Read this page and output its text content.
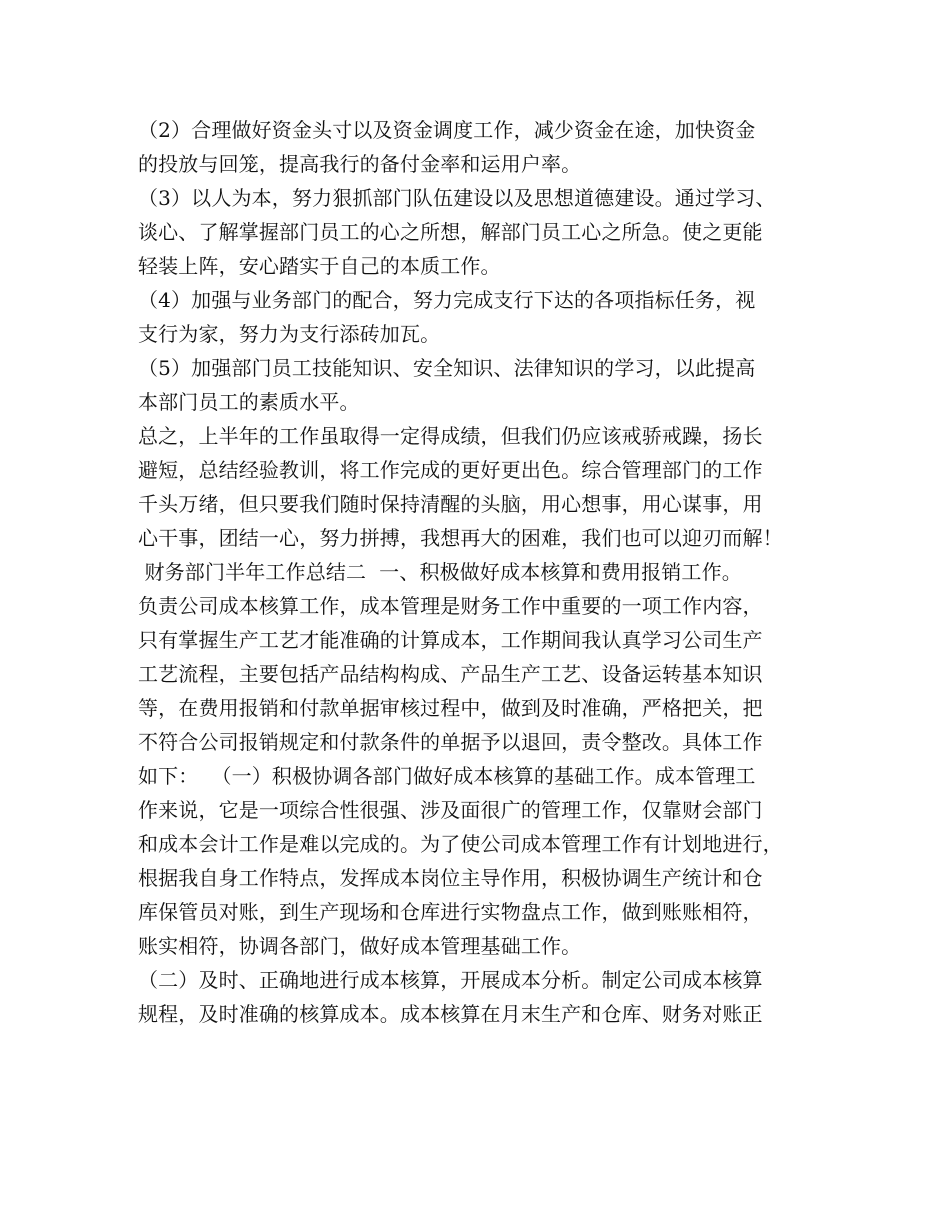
（2）合理做好资金头寸以及资金调度工作，减少资金在途，加快资金
的投放与回笼，提高我行的备付金率和运用户率。
（3）以人为本，努力狠抓部门队伍建设以及思想道德建设。通过学习、
谈心、了解掌握部门员工的心之所想，解部门员工心之所急。使之更能
轻装上阵，安心踏实于自己的本质工作。
（4）加强与业务部门的配合，努力完成支行下达的各项指标任务，视
支行为家，努力为支行添砖加瓦。
（5）加强部门员工技能知识、安全知识、法律知识的学习，以此提高
本部门员工的素质水平。
总之，上半年的工作虽取得一定得成绩，但我们仍应该戒骄戒躁，扬长
避短，总结经验教训，将工作完成的更好更出色。综合管理部门的工作
千头万绪，但只要我们随时保持清醒的头脑，用心想事，用心谋事，用
心干事，团结一心，努力拼搏，我想再大的困难，我们也可以迎刃而解！
财务部门半年工作总结二  一、积极做好成本核算和费用报销工作。
负责公司成本核算工作，成本管理是财务工作中重要的一项工作内容，
只有掌握生产工艺才能准确的计算成本，工作期间我认真学习公司生产
工艺流程，主要包括产品结构构成、产品生产工艺、设备运转基本知识
等，在费用报销和付款单据审核过程中，做到及时准确，严格把关，把
不符合公司报销规定和付款条件的单据予以退回，责令整改。具体工作
如下：  （一）积极协调各部门做好成本核算的基础工作。成本管理工
作来说，它是一项综合性很强、涉及面很广的管理工作，仅靠财会部门
和成本会计工作是难以完成的。为了使公司成本管理工作有计划地进行，
根据我自身工作特点，发挥成本岗位主导作用，积极协调生产统计和仓
库保管员对账，到生产现场和仓库进行实物盘点工作，做到账账相符，
账实相符，协调各部门，做好成本管理基础工作。
（二）及时、正确地进行成本核算，开展成本分析。制定公司成本核算
规程，及时准确的核算成本。成本核算在月末生产和仓库、财务对账正
